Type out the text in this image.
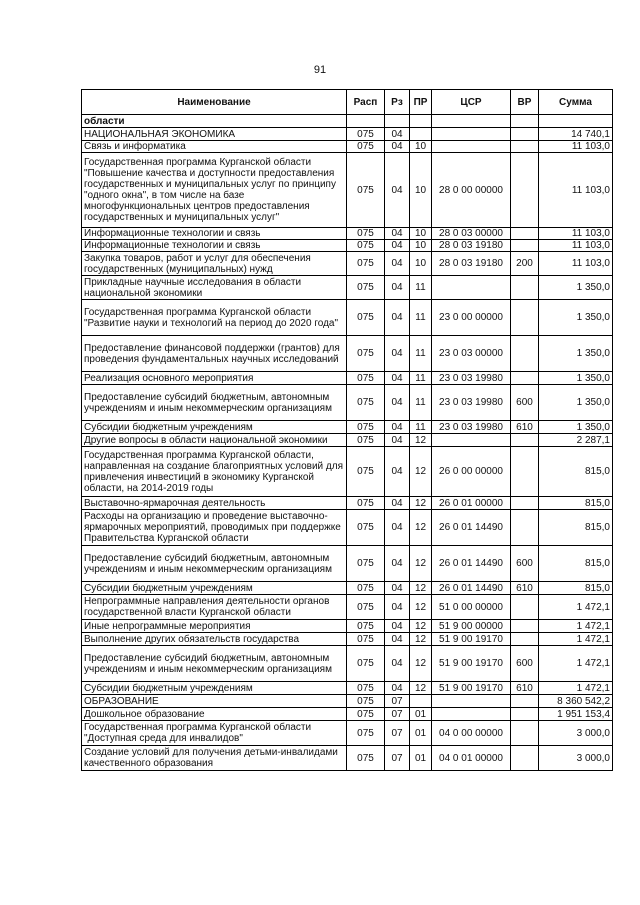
91
Наименование	Расп	Рз	ПР	ЦСР	ВР	Сумма
области						
НАЦИОНАЛЬНАЯ ЭКОНОМИКА	075	04				14 740,1
Связь и информатика	075	04	10			11 103,0
Государственная программа Курганской области "Повышение качества и доступности предоставления государственных и муниципальных услуг по принципу "одного окна", в том числе на базе многофункциональных центров предоставления государственных и муниципальных услуг"	075	04	10	28 0 00 00000		11 103,0
Информационные технологии и связь	075	04	10	28 0 03 00000		11 103,0
Информационные технологии и связь	075	04	10	28 0 03 19180		11 103,0
Закупка товаров, работ и услуг для обеспечения государственных (муниципальных) нужд	075	04	10	28 0 03 19180	200	11 103,0
Прикладные научные исследования в области национальной экономики	075	04	11			1 350,0
Государственная программа Курганской области "Развитие науки и технологий на период до 2020 года"	075	04	11	23 0 00 00000		1 350,0
Предоставление финансовой поддержки (грантов) для проведения фундаментальных научных исследований	075	04	11	23 0 03 00000		1 350,0
Реализация основного мероприятия	075	04	11	23 0 03 19980		1 350,0
Предоставление субсидий бюджетным, автономным учреждениям и иным некоммерческим организациям	075	04	11	23 0 03 19980	600	1 350,0
Субсидии бюджетным учреждениям	075	04	11	23 0 03 19980	610	1 350,0
Другие вопросы в области национальной экономики	075	04	12			2 287,1
Государственная программа Курганской области, направленная на создание благоприятных условий для привлечения инвестиций в экономику Курганской области, на 2014-2019 годы	075	04	12	26 0 00 00000		815,0
Выставочно-ярмарочная деятельность	075	04	12	26 0 01 00000		815,0
Расходы на организацию и проведение выставочно-ярмарочных мероприятий, проводимых при поддержке Правительства Курганской области	075	04	12	26 0 01 14490		815,0
Предоставление субсидий бюджетным, автономным учреждениям и иным некоммерческим организациям	075	04	12	26 0 01 14490	600	815,0
Субсидии бюджетным учреждениям	075	04	12	26 0 01 14490	610	815,0
Непрограммные направления деятельности органов государственной власти Курганской области	075	04	12	51 0 00 00000		1 472,1
Иные непрограммные мероприятия	075	04	12	51 9 00 00000		1 472,1
Выполнение других обязательств государства	075	04	12	51 9 00 19170		1 472,1
Предоставление субсидий бюджетным, автономным учреждениям и иным некоммерческим организациям	075	04	12	51 9 00 19170	600	1 472,1
Субсидии бюджетным учреждениям	075	04	12	51 9 00 19170	610	1 472,1
ОБРАЗОВАНИЕ	075	07				8 360 542,2
Дошкольное образование	075	07	01			1 951 153,4
Государственная программа Курганской области "Доступная среда для инвалидов"	075	07	01	04 0 00 00000		3 000,0
Создание условий для получения детьми-инвалидами качественного образования	075	07	01	04 0 01 00000		3 000,0
